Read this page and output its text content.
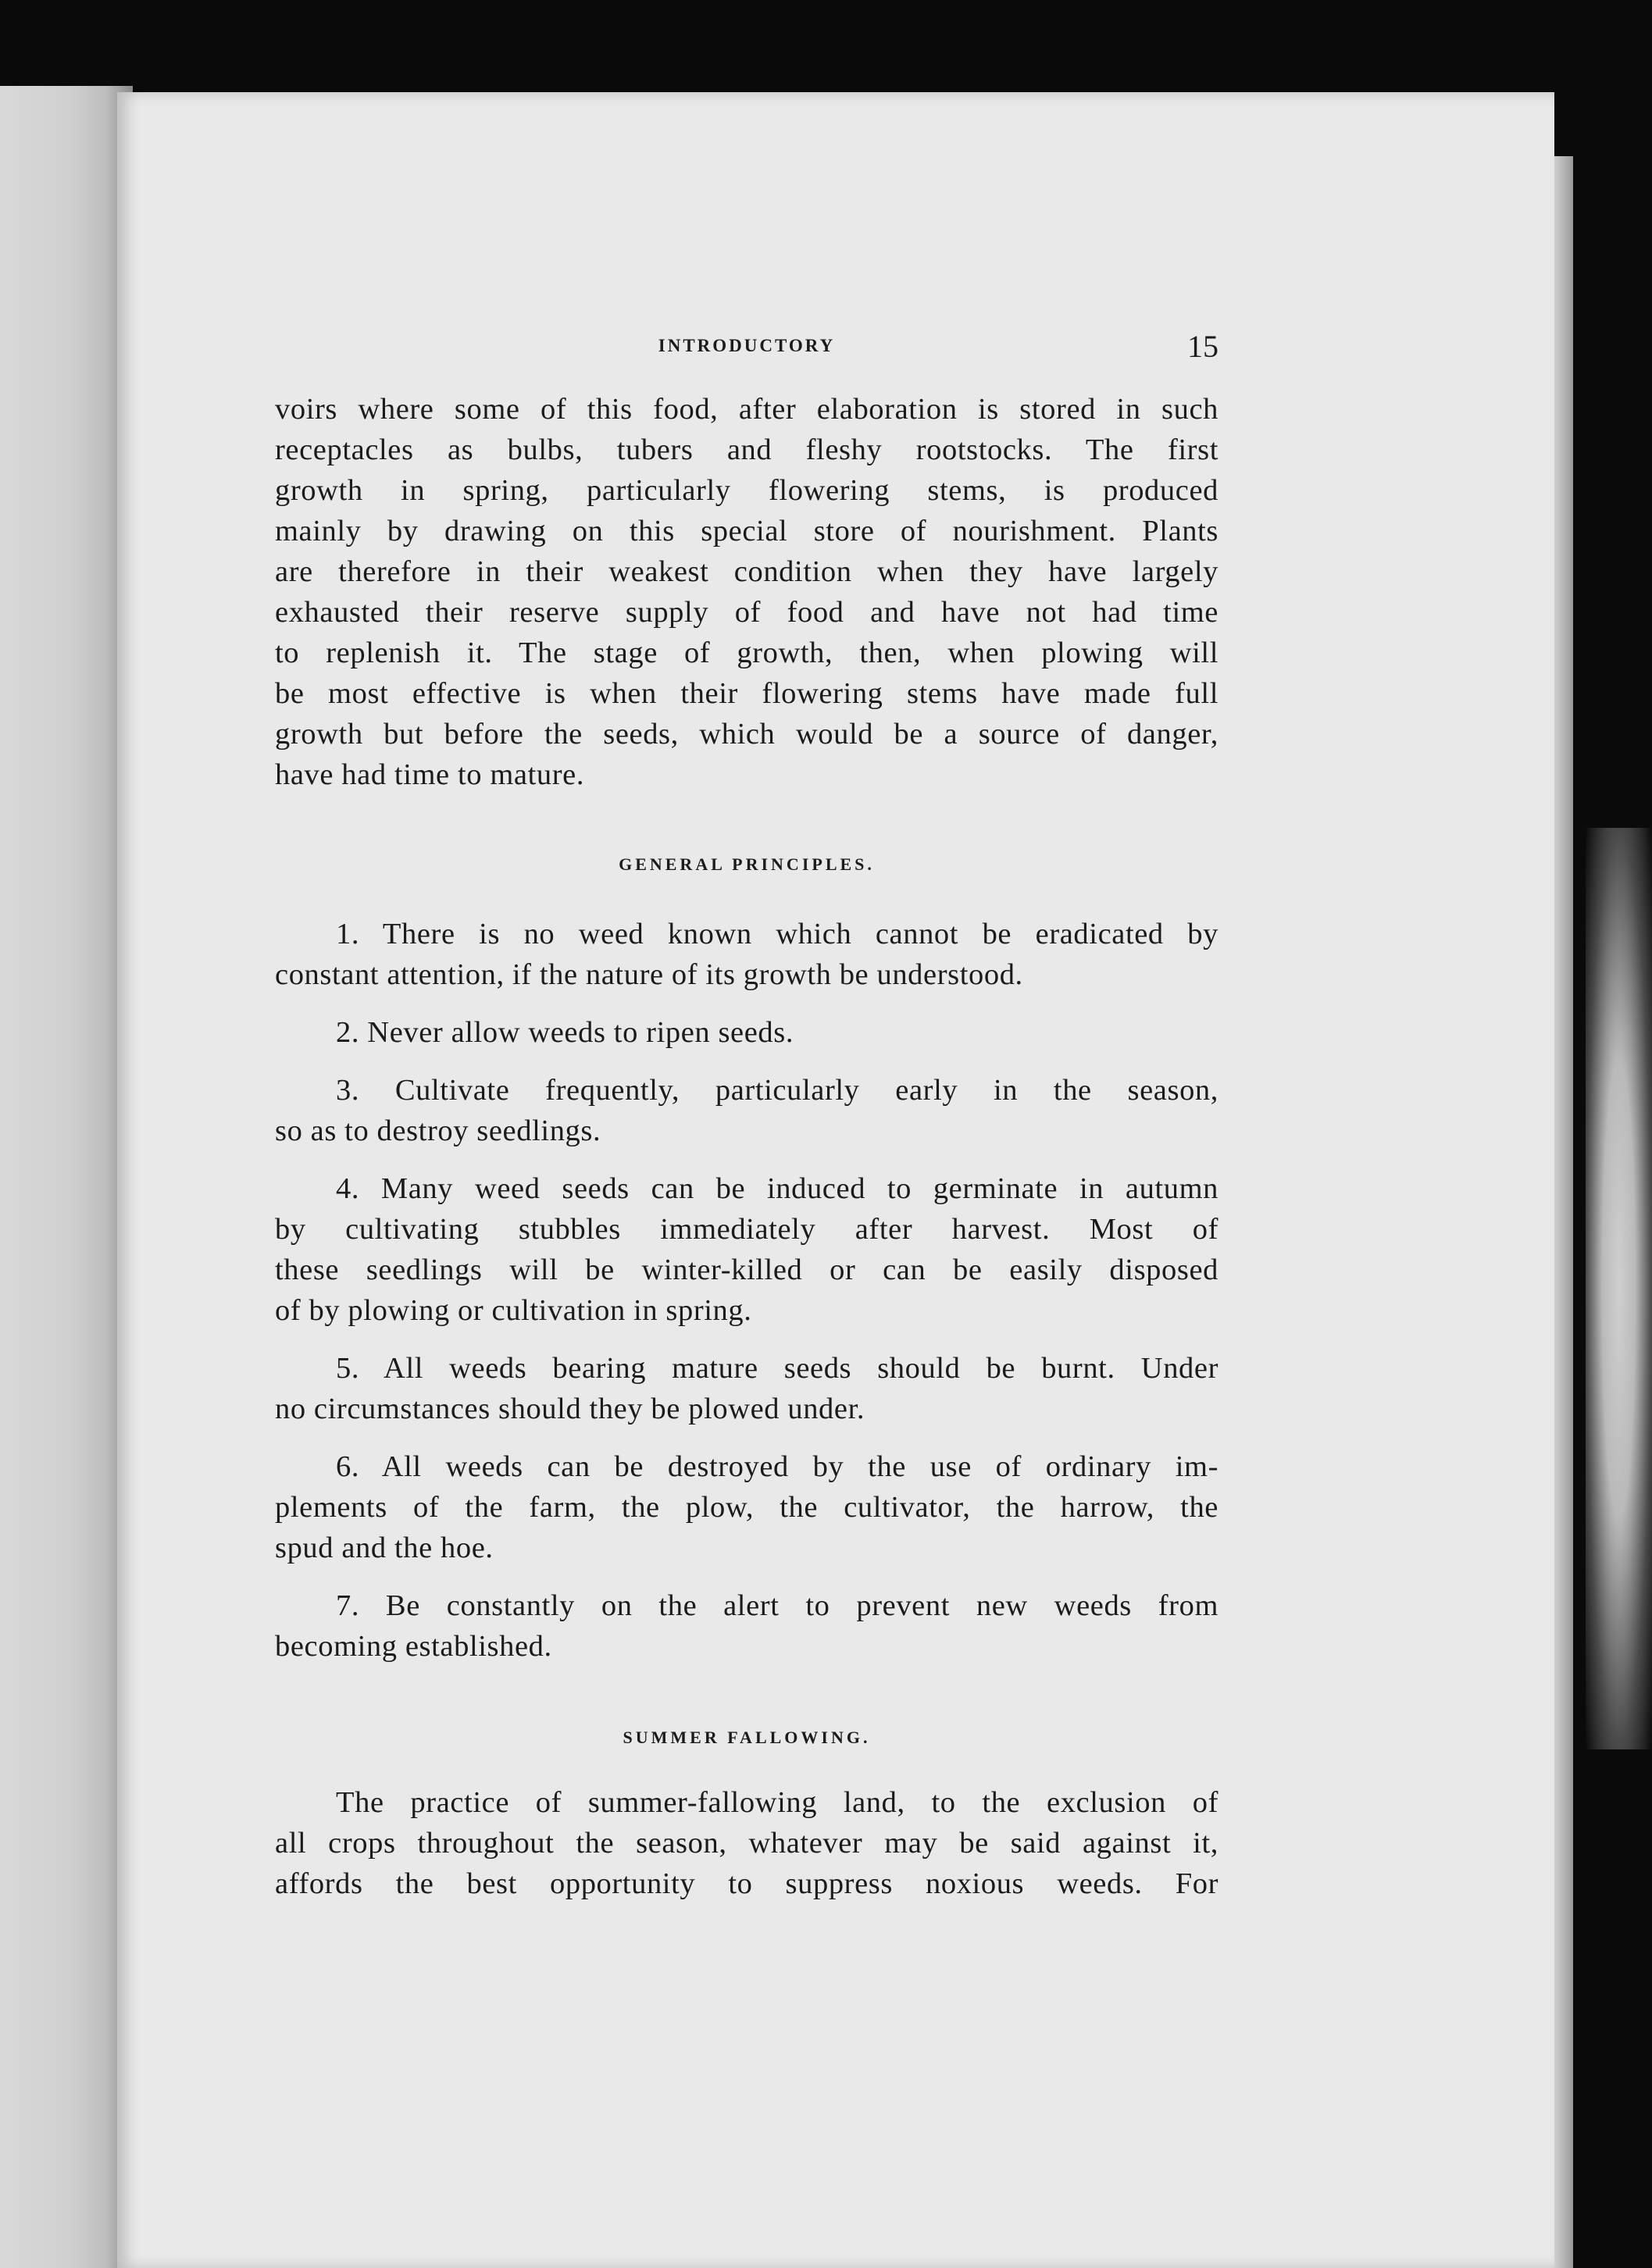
INTRODUCTORY	15

voirs where some of this food, after elaboration is stored in such
receptacles as bulbs, tubers and fleshy rootstocks. The first
growth in spring, particularly flowering stems, is produced
mainly by drawing on this special store of nourishment. Plants
are therefore in their weakest condition when they have largely
exhausted their reserve supply of food and have not had time
to replenish it. The stage of growth, then, when plowing will
be most effective is when their flowering stems have made full
growth but before the seeds, which would be a source of danger,
have had time to mature.

GENERAL PRINCIPLES.

1. There is no weed known which cannot be eradicated by
constant attention, if the nature of its growth be understood.

2. Never allow weeds to ripen seeds.

3. Cultivate frequently, particularly early in the season,
so as to destroy seedlings.

4. Many weed seeds can be induced to germinate in autumn
by cultivating stubbles immediately after harvest. Most of
these seedlings will be winter-killed or can be easily disposed
of by plowing or cultivation in spring.

5. All weeds bearing mature seeds should be burnt. Under
no circumstances should they be plowed under.

6. All weeds can be destroyed by the use of ordinary im-
plements of the farm, the plow, the cultivator, the harrow, the
spud and the hoe.

7. Be constantly on the alert to prevent new weeds from
becoming established.

SUMMER FALLOWING.

The practice of summer-fallowing land, to the exclusion of
all crops throughout the season, whatever may be said against it,
affords the best opportunity to suppress noxious weeds. For
